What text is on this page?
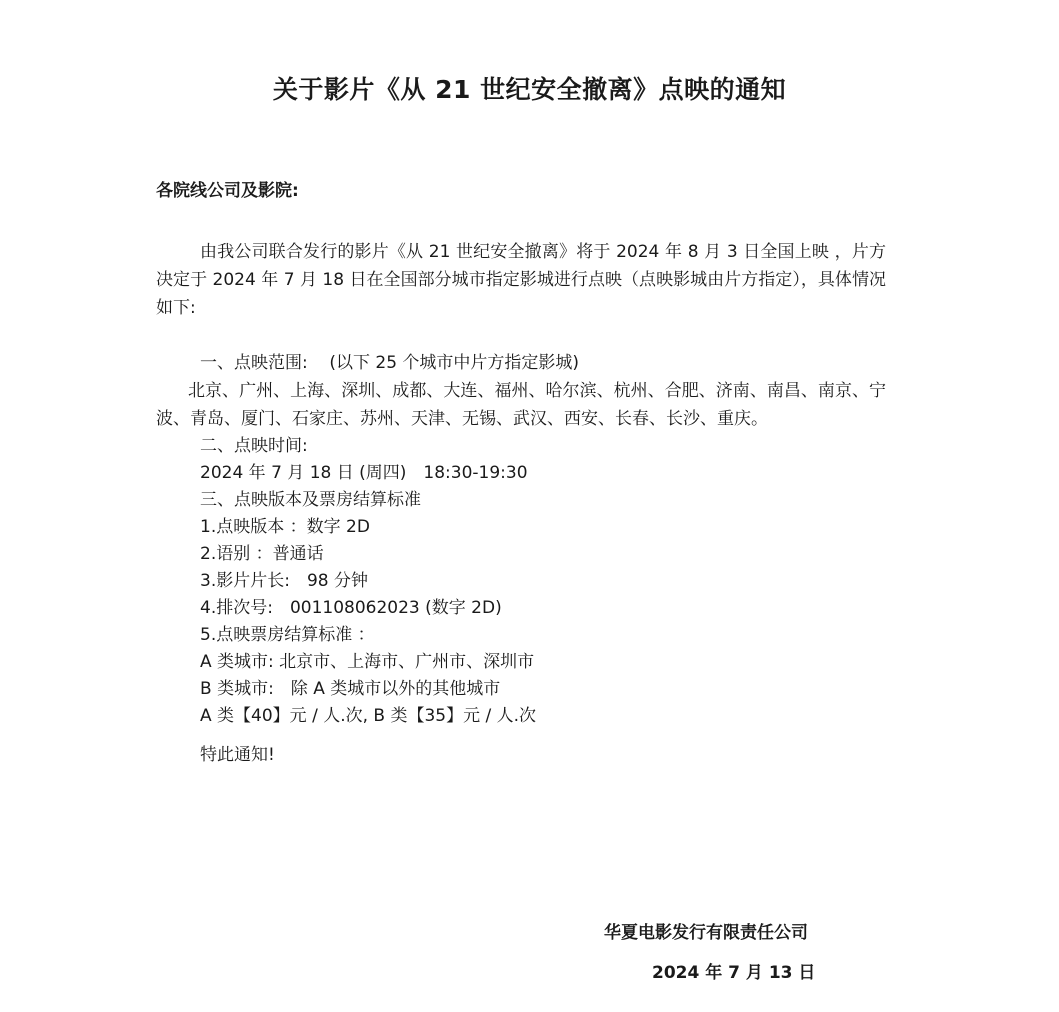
关于影片《从 21 世纪安全撤离》点映的通知
各院线公司及影院:
由我公司联合发行的影片《从 21 世纪安全撤离》将于 2024 年 8 月 3 日全国上映 ，片方决定于 2024 年 7 月 18 日在全国部分城市指定影城进行点映（点映影城由片方指定），具体情况如下:
一、点映范围: (以下 25 个城市中片方指定影城)
北京、广州、上海、深圳、成都、大连、福州、哈尔滨、杭州、合肥、济南、南昌、南京、宁波、青岛、厦门、石家庄、苏州、天津、无锡、武汉、西安、长春、长沙、重庆。
二、点映时间:
2024 年 7 月 18 日 (周四)　18:30-19:30
三、点映版本及票房结算标准
1.点映版本 ：数字 2D
2.语别 ：普通话
3.影片片长:　98 分钟
4.排次号:　001108062023 (数字 2D)
5.点映票房结算标准 ：
A 类城市: 北京市、上海市、广州市、深圳市
B 类城市:　除 A 类城市以外的其他城市
A 类【40】元 / 人.次, B 类【35】元 / 人.次
特此通知!
华夏电影发行有限责任公司
2024 年 7 月 13 日
